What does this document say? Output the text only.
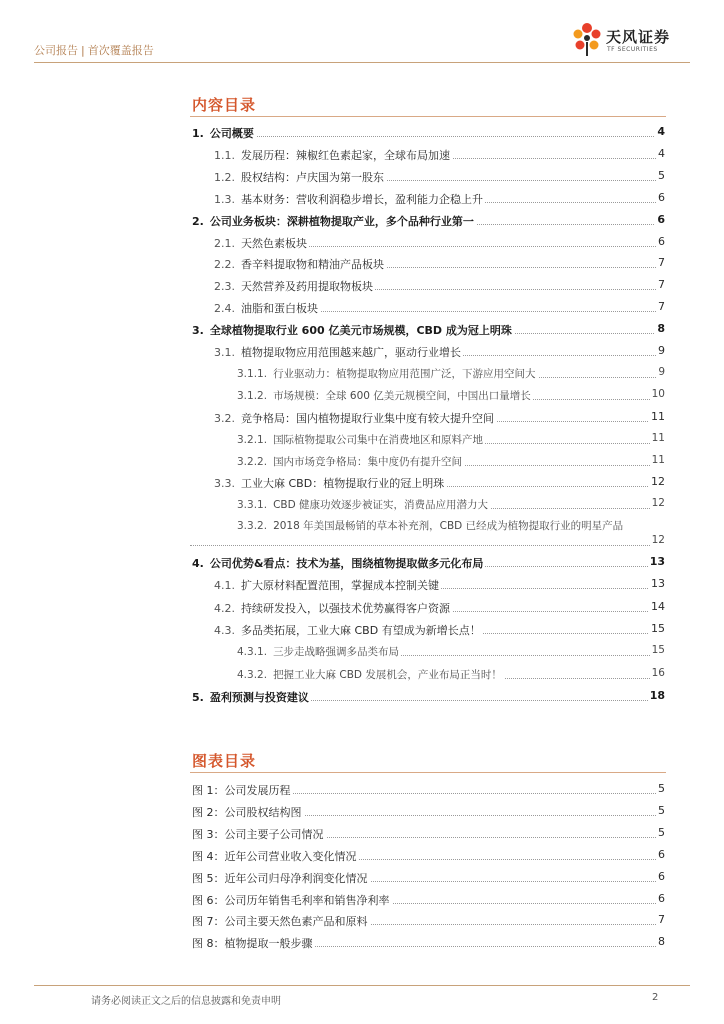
公司报告 | 首次覆盖报告
天风证券
TF SECURITIES
内容目录
1. 公司概要	4
1.1. 发展历程：辣椒红色素起家，全球布局加速	4
1.2. 股权结构：卢庆国为第一股东	5
1.3. 基本财务：营收利润稳步增长，盈利能力企稳上升	6
2. 公司业务板块：深耕植物提取产业，多个品种行业第一	6
2.1. 天然色素板块	6
2.2. 香辛料提取物和精油产品板块	7
2.3. 天然营养及药用提取物板块	7
2.4. 油脂和蛋白板块	7
3. 全球植物提取行业 600 亿美元市场规模，CBD 成为冠上明珠	8
3.1. 植物提取物应用范围越来越广，驱动行业增长	9
3.1.1. 行业驱动力：植物提取物应用范围广泛，下游应用空间大	9
3.1.2. 市场规模：全球 600 亿美元规模空间，中国出口量增长	10
3.2. 竞争格局：国内植物提取行业集中度有较大提升空间	11
3.2.1. 国际植物提取公司集中在消费地区和原料产地	11
3.2.2. 国内市场竞争格局：集中度仍有提升空间	11
3.3. 工业大麻 CBD：植物提取行业的冠上明珠	12
3.3.1. CBD 健康功效逐步被证实，消费品应用潜力大	12
3.3.2. 2018 年美国最畅销的草本补充剂，CBD 已经成为植物提取行业的明星产品
12
4. 公司优势&看点：技术为基，围绕植物提取做多元化布局	13
4.1. 扩大原材料配置范围，掌握成本控制关键	13
4.2. 持续研发投入，以强技术优势赢得客户资源	14
4.3. 多品类拓展，工业大麻 CBD 有望成为新增长点！	15
4.3.1. 三步走战略强调多品类布局	15
4.3.2. 把握工业大麻 CBD 发展机会，产业布局正当时！	16
5. 盈利预测与投资建议	18
图表目录
图 1：公司发展历程	5
图 2：公司股权结构图	5
图 3：公司主要子公司情况	5
图 4：近年公司营业收入变化情况	6
图 5：近年公司归母净利润变化情况	6
图 6：公司历年销售毛利率和销售净利率	6
图 7：公司主要天然色素产品和原料	7
图 8：植物提取一般步骤	8
请务必阅读正文之后的信息披露和免责申明	2
